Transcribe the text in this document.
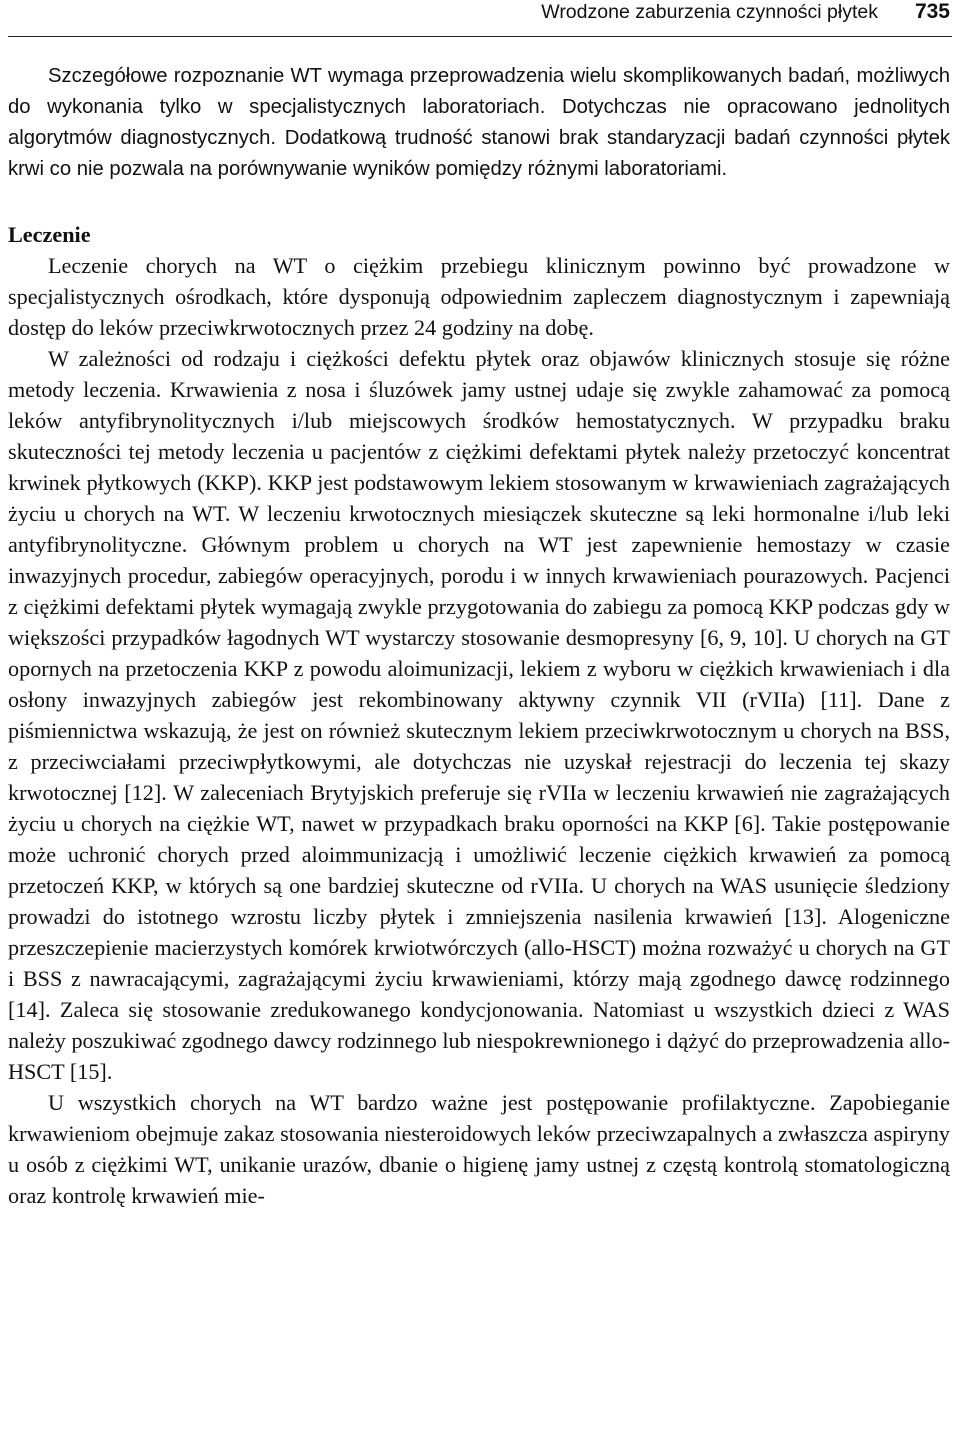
Wrodzone zaburzenia czynności płytek 735

Szczegółowe rozpoznanie WT wymaga przeprowadzenia wielu skomplikowanych badań, możliwych do wykonania tylko w specjalistycznych laboratoriach. Dotychczas nie opracowano jednolitych algorytmów diagnostycznych. Dodatkową trudność stanowi brak standaryzacji badań czynności płytek krwi co nie pozwala na porównywanie wyników pomiędzy różnymi laboratoriami.

Leczenie

Leczenie chorych na WT o ciężkim przebiegu klinicznym powinno być prowadzone w specjalistycznych ośrodkach, które dysponują odpowiednim zapleczem diagnostycznym i zapewniają dostęp do leków przeciwkrwotocznych przez 24 godziny na dobę.

W zależności od rodzaju i ciężkości defektu płytek oraz objawów klinicznych stosuje się różne metody leczenia. Krwawienia z nosa i śluzówek jamy ustnej udaje się zwykle zahamować za pomocą leków antyfibrynolitycznych i/lub miejscowych środków hemostatycznych. W przypadku braku skuteczności tej metody leczenia u pacjentów z ciężkimi defektami płytek należy przetoczyć koncentrat krwinek płytkowych (KKP). KKP jest podstawowym lekiem stosowanym w krwawieniach zagrażających życiu u chorych na WT. W leczeniu krwotocznych miesiączek skuteczne są leki hormonalne i/lub leki antyfibrynolityczne. Głównym problem u chorych na WT jest zapewnienie hemostazy w czasie inwazyjnych procedur, zabiegów operacyjnych, porodu i w innych krwawieniach pourazowych. Pacjenci z ciężkimi defektami płytek wymagają zwykle przygotowania do zabiegu za pomocą KKP podczas gdy w większości przypadków łagodnych WT wystarczy stosowanie desmopresyny [6, 9, 10]. U chorych na GT opornych na przetoczenia KKP z powodu aloimunizacji, lekiem z wyboru w ciężkich krwawieniach i dla osłony inwazyjnych zabiegów jest rekombinowany aktywny czynnik VII (rVIIa) [11]. Dane z piśmiennictwa wskazują, że jest on również skutecznym lekiem przeciwkrwotocznym u chorych na BSS, z przeciwciałami przeciwpłytkowymi, ale dotychczas nie uzyskał rejestracji do leczenia tej skazy krwotocznej [12]. W zaleceniach Brytyjskich preferuje się rVIIa w leczeniu krwawień nie zagrażających życiu u chorych na ciężkie WT, nawet w przypadkach braku oporności na KKP [6]. Takie postępowanie może uchronić chorych przed aloimmunizacją i umożliwić leczenie ciężkich krwawień za pomocą przetoczeń KKP, w których są one bardziej skuteczne od rVIIa. U chorych na WAS usunięcie śledziony prowadzi do istotnego wzrostu liczby płytek i zmniejszenia nasilenia krwawień [13]. Alogeniczne przeszczepienie macierzystych komórek krwiotwórczych (allo-HSCT) można rozważyć u chorych na GT i BSS z nawracającymi, zagrażającymi życiu krwawieniami, którzy mają zgodnego dawcę rodzinnego [14]. Zaleca się stosowanie zredukowanego kondycjonowania. Natomiast u wszystkich dzieci z WAS należy poszukiwać zgodnego dawcy rodzinnego lub niespokrewnionego i dążyć do przeprowadzenia allo-HSCT [15].

U wszystkich chorych na WT bardzo ważne jest postępowanie profilaktyczne. Zapobieganie krwawieniom obejmuje zakaz stosowania niesteroidowych leków przeciwzapalnych a zwłaszcza aspiryny u osób z ciężkimi WT, unikanie urazów, dbanie o higienę jamy ustnej z częstą kontrolą stomatologiczną oraz kontrolę krwawień mie-
